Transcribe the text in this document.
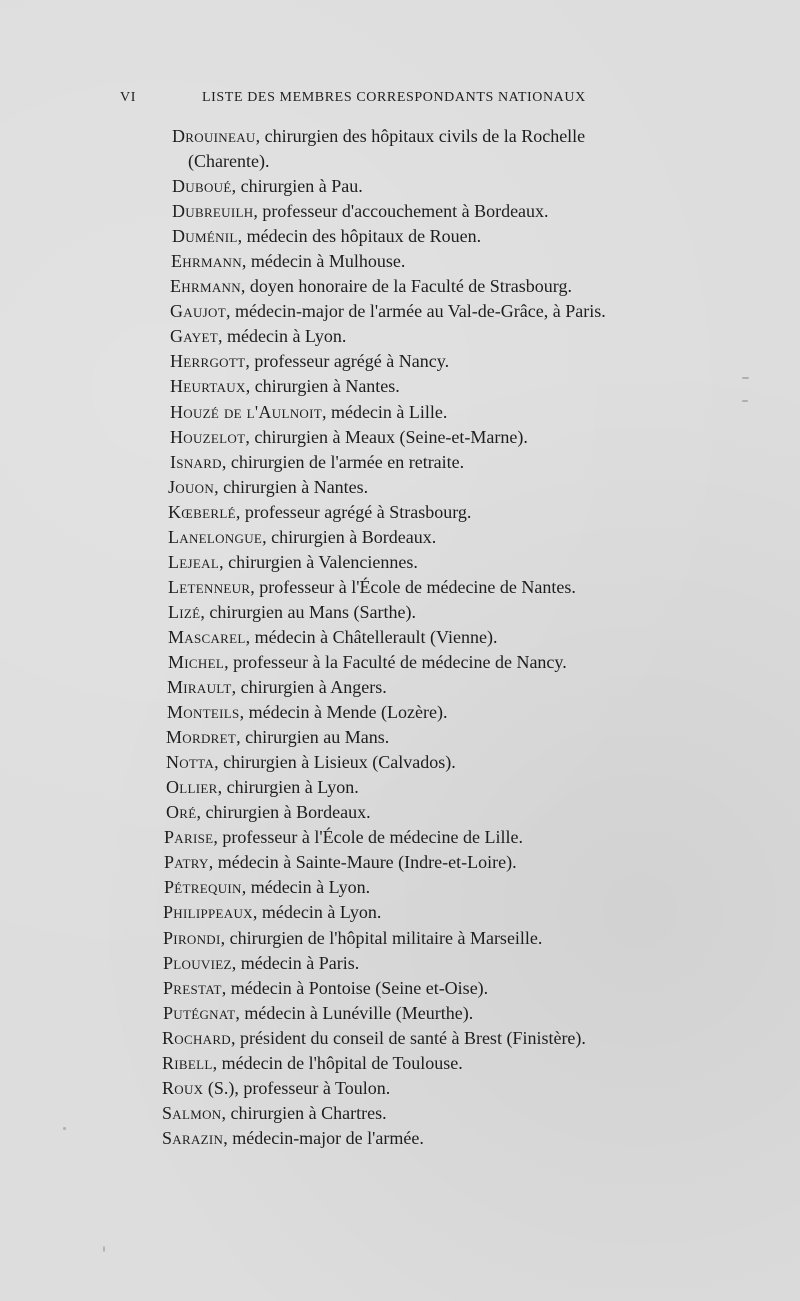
VI	LISTE DES MEMBRES CORRESPONDANTS NATIONAUX
Drouineau, chirurgien des hôpitaux civils de la Rochelle
(Charente).
Duboué, chirurgien à Pau.
Dubreuilh, professeur d'accouchement à Bordeaux.
Duménil, médecin des hôpitaux de Rouen.
Ehrmann, médecin à Mulhouse.
Ehrmann, doyen honoraire de la Faculté de Strasbourg.
Gaujot, médecin-major de l'armée au Val-de-Grâce, à Paris.
Gayet, médecin à Lyon.
Herrgott, professeur agrégé à Nancy.
Heurtaux, chirurgien à Nantes.
Houzé de l'Aulnoit, médecin à Lille.
Houzelot, chirurgien à Meaux (Seine-et-Marne).
Isnard, chirurgien de l'armée en retraite.
Jouon, chirurgien à Nantes.
Kœberlé, professeur agrégé à Strasbourg.
Lanelongue, chirurgien à Bordeaux.
Lejeal, chirurgien à Valenciennes.
Letenneur, professeur à l'École de médecine de Nantes.
Lizé, chirurgien au Mans (Sarthe).
Mascarel, médecin à Châtellerault (Vienne).
Michel, professeur à la Faculté de médecine de Nancy.
Mirault, chirurgien à Angers.
Monteils, médecin à Mende (Lozère).
Mordret, chirurgien au Mans.
Notta, chirurgien à Lisieux (Calvados).
Ollier, chirurgien à Lyon.
Oré, chirurgien à Bordeaux.
Parise, professeur à l'École de médecine de Lille.
Patry, médecin à Sainte-Maure (Indre-et-Loire).
Pétrequin, médecin à Lyon.
Philippeaux, médecin à Lyon.
Pirondi, chirurgien de l'hôpital militaire à Marseille.
Plouviez, médecin à Paris.
Prestat, médecin à Pontoise (Seine et-Oise).
Putégnat, médecin à Lunéville (Meurthe).
Rochard, président du conseil de santé à Brest (Finistère).
Ribell, médecin de l'hôpital de Toulouse.
Roux (S.), professeur à Toulon.
Salmon, chirurgien à Chartres.
Sarazin, médecin-major de l'armée.
